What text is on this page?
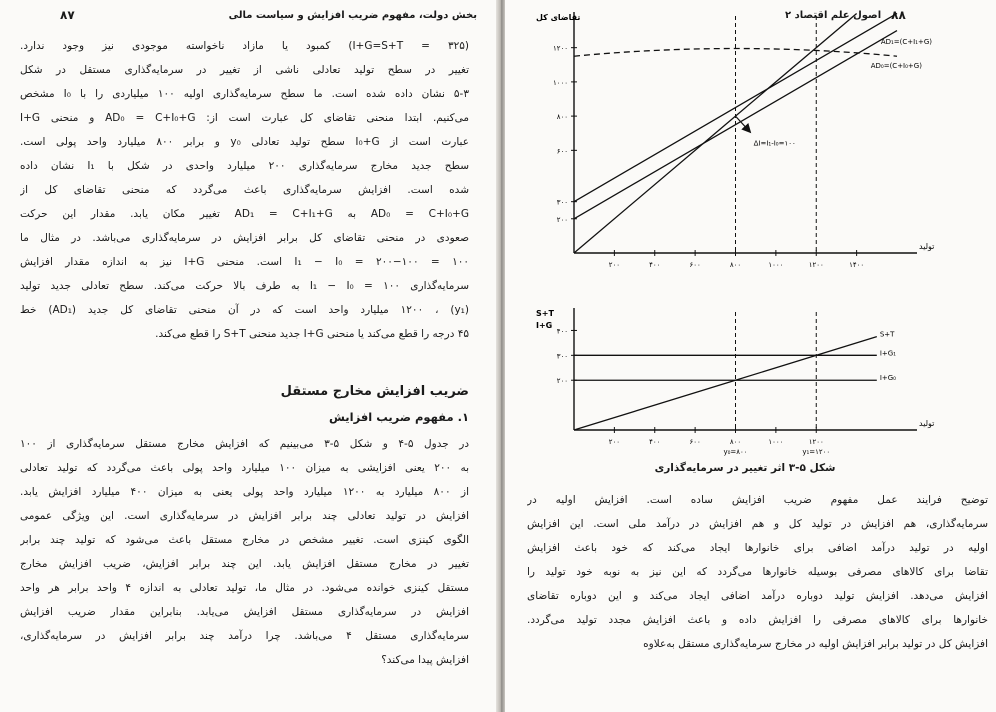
بخش دولت، مفهوم ضریب افزایش و سیاست مالی
۸۷
(۳۲۵ = I+G=S+T) کمبود یا مازاد ناخواسته موجودی نیز وجود ندارد.
تغییر در سطح تولید تعادلی ناشی از تغییر در سرمایه‌گذاری مستقل در شکل
۵-۳ نشان داده شده است. ما سطح سرمایه‌گذاری اولیه ۱۰۰ میلیاردی را با I₀ مشخص
می‌کنیم. ابتدا منحنی تقاضای کل عبارت است از: AD₀ = C+I₀+G و منحنی I+G
عبارت است از I₀+G سطح تولید تعادلی y₀ و برابر ۸۰۰ میلیارد واحد پولی است.
سطح جدید مخارج سرمایه‌گذاری ۲۰۰ میلیارد واحدی در شکل با I₁ نشان داده
شده است. افزایش سرمایه‌گذاری باعث می‌گردد که منحنی تقاضای کل از
AD₀ = C+I₀+G به AD₁ = C+I₁+G تغییر مکان یابد. مقدار این حرکت
صعودی در منحنی تقاضای کل برابر افزایش در سرمایه‌گذاری می‌باشد. در مثال ما
I₁ − I₀ = ۲۰۰−۱۰۰ = ۱۰۰ است. منحنی I+G نیز به اندازه مقدار افزایش
سرمایه‌گذاری I₁ − I₀ = ۱۰۰ به طرف بالا حرکت می‌کند. سطح تعادلی جدید تولید
(y₁) ، ۱۲۰۰ میلیارد واحد است که در آن منحنی تقاضای کل جدید (AD₁) خط
۴۵ درجه را قطع می‌کند یا منحنی I+G جدید منحنی S+T را قطع می‌کند.
ضریب افزایش مخارج مستقل
۱. مفهوم ضریب افزایش
در جدول ۵-۴ و شکل ۵-۳ می‌بینیم که افزایش مخارج مستقل سرمایه‌گذاری از ۱۰۰
به ۲۰۰ یعنی افزایشی به میزان ۱۰۰ میلیارد واحد پولی باعث می‌گردد که تولید تعادلی
از ۸۰۰ میلیارد به ۱۲۰۰ میلیارد واحد پولی یعنی به میزان ۴۰۰ میلیارد افزایش یابد.
افزایش در تولید تعادلی چند برابر افزایش در سرمایه‌گذاری است. این ویژگی عمومی
الگوی کینزی است. تغییر مشخص در مخارج مستقل باعث می‌شود که تولید چند برابر
تغییر در مخارج مستقل افزایش یابد. این چند برابر افزایش، ضریب افزایش مخارج
مستقل کینزی خوانده می‌شود. در مثال ما، تولید تعادلی به اندازه ۴ واحد برابر هر واحد
افزایش در سرمایه‌گذاری مستقل افزایش می‌یابد. بنابراین مقدار ضریب افزایش
سرمایه‌گذاری مستقل ۴ می‌باشد. چرا درآمد چند برابر افزایش در سرمایه‌گذاری،
افزایش پیدا می‌کند؟
۸۸
اصول علم اقتصاد ۲
۲۰۰	۴۰۰	۶۰۰	۸۰۰	۱۰۰۰	۱۲۰۰	۱۴۰۰
۲۰۰
۳۰۰
۶۰۰
۸۰۰
۱۰۰۰
۱۲۰۰
تقاضای کل
تولید
AD₁=(C+I₁+G)
AD₀=(C+I₀+G)
ΔI=I₁-I₀=۱۰۰
۲۰۰	۴۰۰	۶۰۰	۸۰۰	۱۰۰۰	۱۲۰۰
۲۰۰
۳۰۰
۴۰۰
S+T
I+G
تولید
S+T
I+G₁
I+G₀
y₀=۸۰۰	y₁=۱۲۰۰
شکل ۵-۳ اثر تغییر در سرمایه‌گذاری
توضیح فرایند عمل مفهوم ضریب افزایش ساده است. افزایش اولیه در
سرمایه‌گذاری، هم افزایش در تولید کل و هم افزایش در درآمد ملی است. این افزایش
اولیه در تولید درآمد اضافی برای خانوارها ایجاد می‌کند که خود باعث افزایش
تقاضا برای کالاهای مصرفی بوسیله خانوارها می‌گردد که این نیز به نوبه خود تولید را
افزایش می‌دهد. افزایش تولید دوباره درآمد اضافی ایجاد می‌کند و این دوباره تقاضای
خانوارها برای کالاهای مصرفی را افزایش داده و باعث افزایش مجدد تولید می‌گردد.
افزایش کل در تولید برابر افزایش اولیه در مخارج سرمایه‌گذاری مستقل به‌علاوه
